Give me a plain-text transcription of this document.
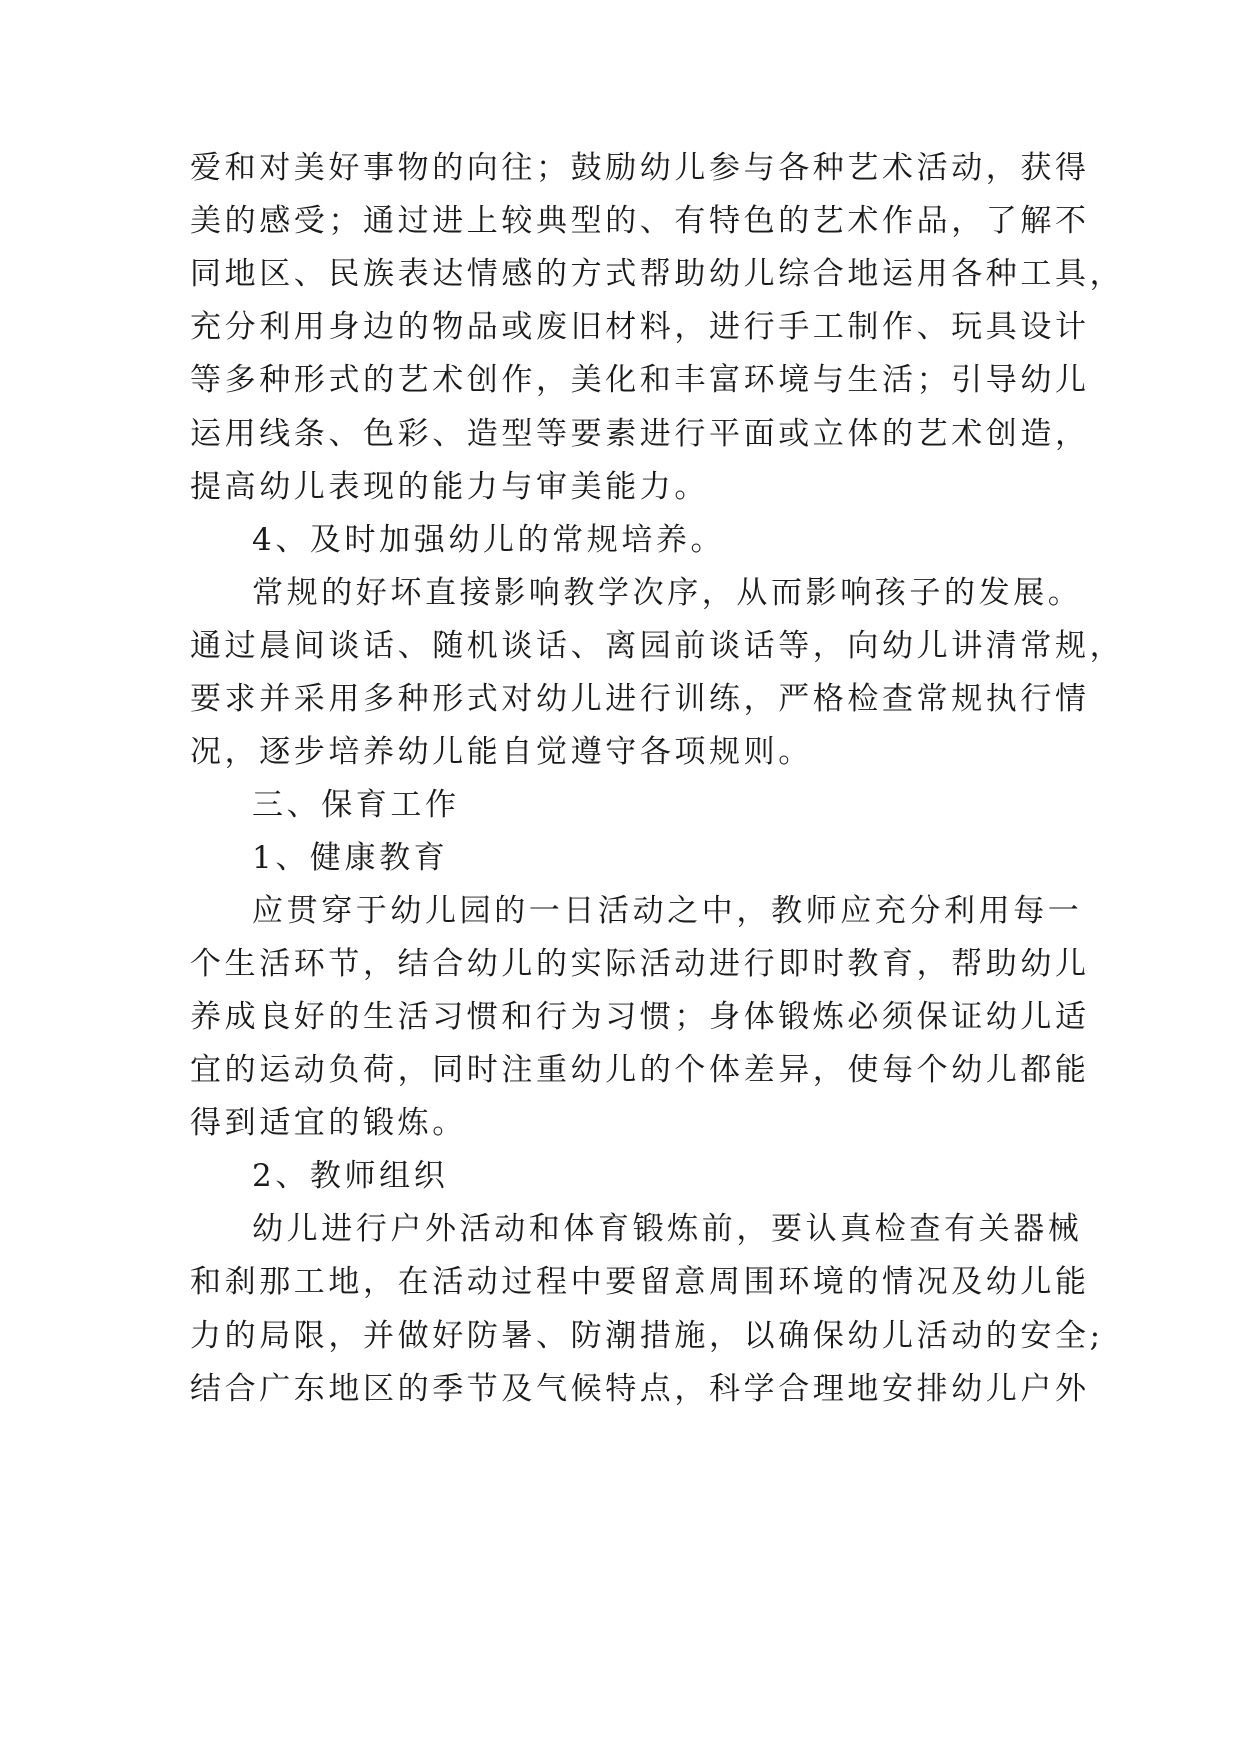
爱和对美好事物的向往；鼓励幼儿参与各种艺术活动，获得

美的感受；通过进上较典型的、有特色的艺术作品，了解不

同地区、民族表达情感的方式帮助幼儿综合地运用各种工具，

充分利用身边的物品或废旧材料，进行手工制作、玩具设计

等多种形式的艺术创作，美化和丰富环境与生活；引导幼儿

运用线条、色彩、造型等要素进行平面或立体的艺术创造，

提高幼儿表现的能力与审美能力。

4、及时加强幼儿的常规培养。

常规的好坏直接影响教学次序，从而影响孩子的发展。

通过晨间谈话、随机谈话、离园前谈话等，向幼儿讲清常规，

要求并采用多种形式对幼儿进行训练，严格检查常规执行情

况，逐步培养幼儿能自觉遵守各项规则。

三、保育工作

1、健康教育

应贯穿于幼儿园的一日活动之中，教师应充分利用每一

个生活环节，结合幼儿的实际活动进行即时教育，帮助幼儿

养成良好的生活习惯和行为习惯；身体锻炼必须保证幼儿适

宜的运动负荷，同时注重幼儿的个体差异，使每个幼儿都能

得到适宜的锻炼。

2、教师组织

幼儿进行户外活动和体育锻炼前，要认真检查有关器械

和刹那工地，在活动过程中要留意周围环境的情况及幼儿能

力的局限，并做好防暑、防潮措施，以确保幼儿活动的安全;

结合广东地区的季节及气候特点，科学合理地安排幼儿户外
